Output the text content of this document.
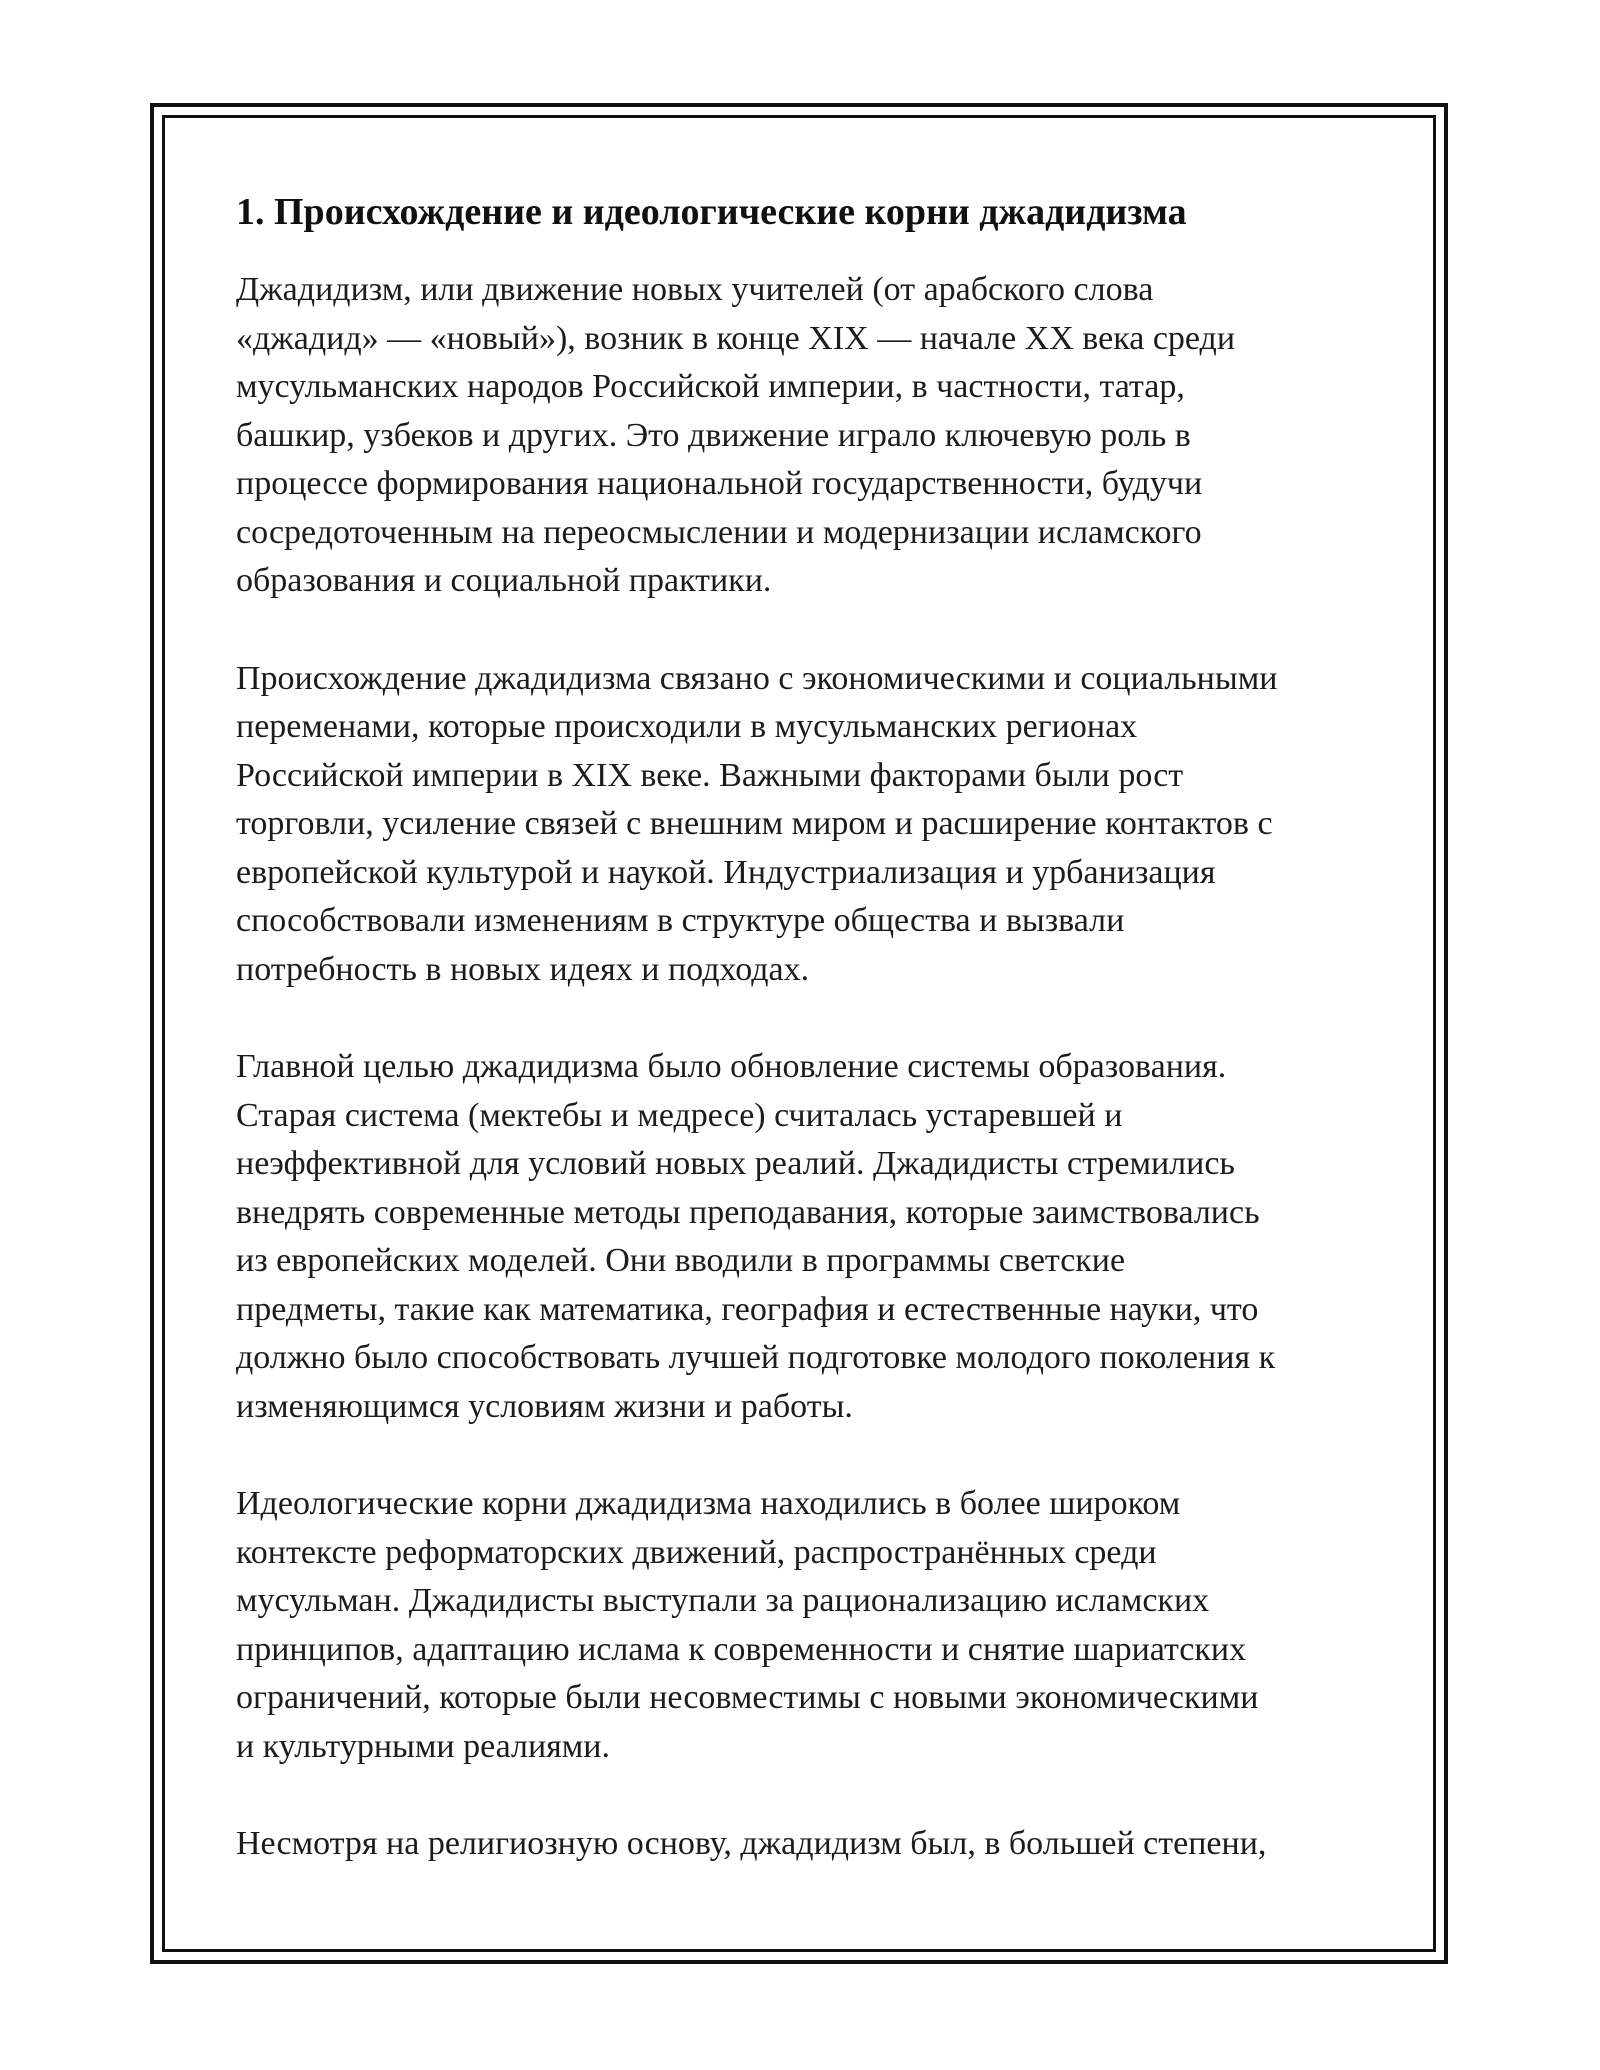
1. Происхождение и идеологические корни джадидизма

Джадидизм, или движение новых учителей (от арабского слова
«джадид» — «новый»), возник в конце XIX — начале XX века среди
мусульманских народов Российской империи, в частности, татар,
башкир, узбеков и других. Это движение играло ключевую роль в
процессе формирования национальной государственности, будучи
сосредоточенным на переосмыслении и модернизации исламского
образования и социальной практики.

Происхождение джадидизма связано с экономическими и социальными
переменами, которые происходили в мусульманских регионах
Российской империи в XIX веке. Важными факторами были рост
торговли, усиление связей с внешним миром и расширение контактов с
европейской культурой и наукой. Индустриализация и урбанизация
способствовали изменениям в структуре общества и вызвали
потребность в новых идеях и подходах.

Главной целью джадидизма было обновление системы образования.
Старая система (мектебы и медресе) считалась устаревшей и
неэффективной для условий новых реалий. Джадидисты стремились
внедрять современные методы преподавания, которые заимствовались
из европейских моделей. Они вводили в программы светские
предметы, такие как математика, география и естественные науки, что
должно было способствовать лучшей подготовке молодого поколения к
изменяющимся условиям жизни и работы.

Идеологические корни джадидизма находились в более широком
контексте реформаторских движений, распространённых среди
мусульман. Джадидисты выступали за рационализацию исламских
принципов, адаптацию ислама к современности и снятие шариатских
ограничений, которые были несовместимы с новыми экономическими
и культурными реалиями.

Несмотря на религиозную основу, джадидизм был, в большей степени,
